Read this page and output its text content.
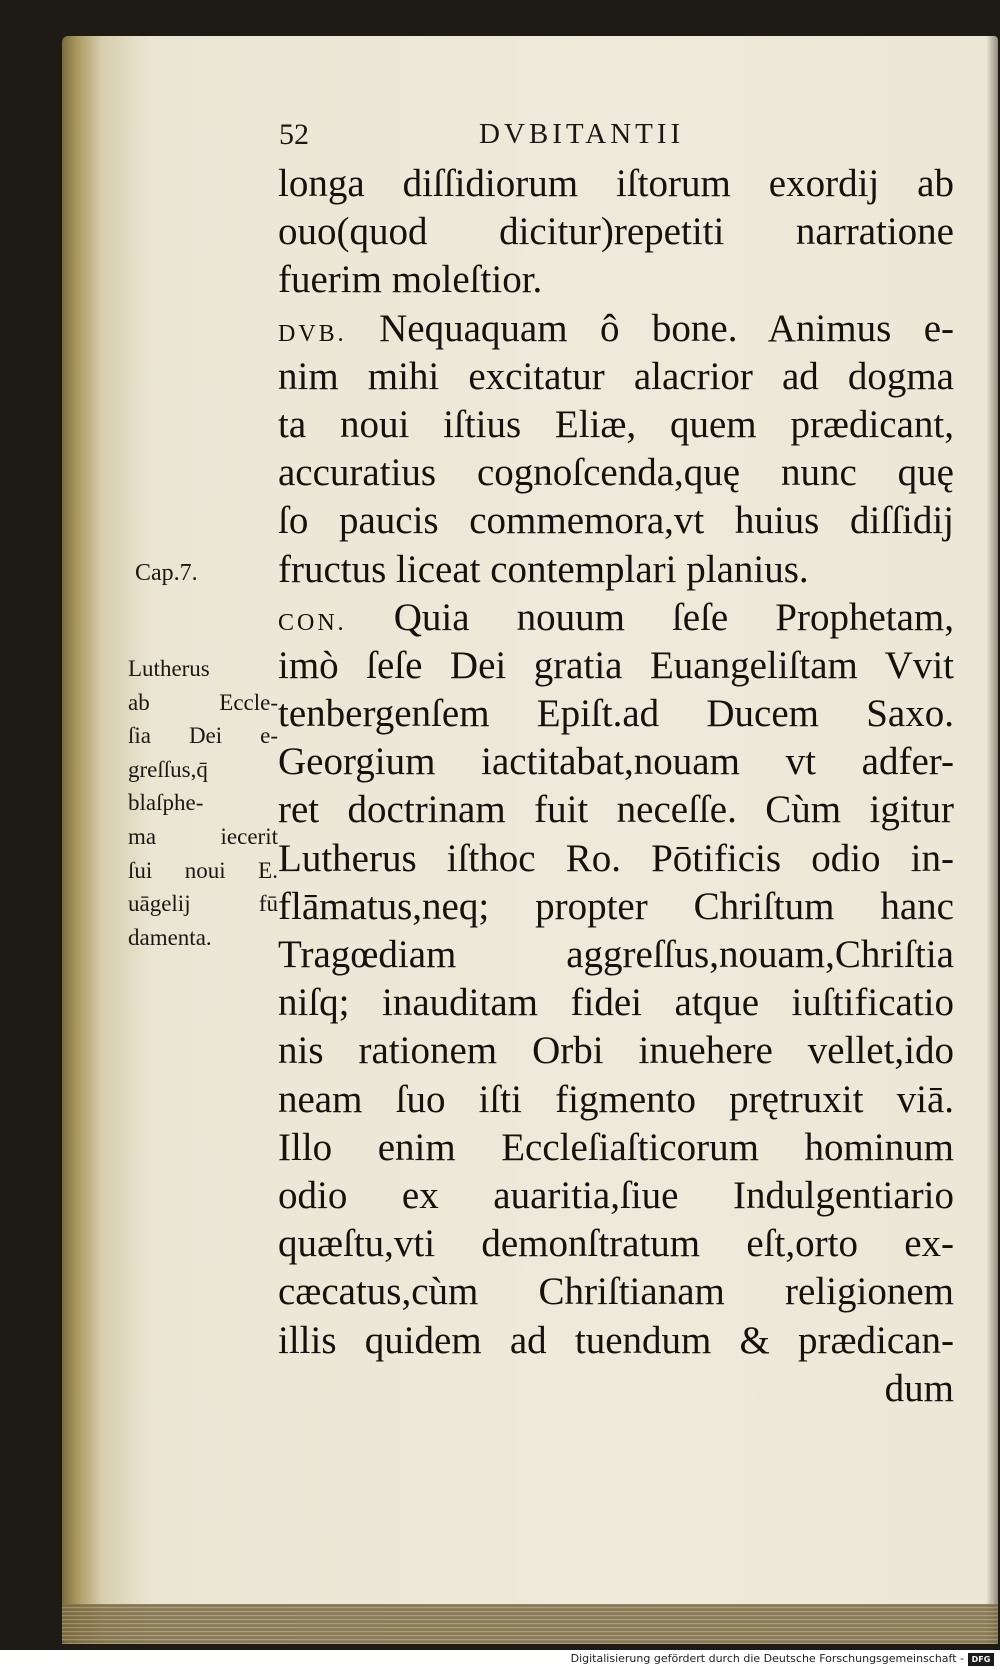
52	DVBITANTII
longa diſſidiorum iſtorum exordij ab
ouo(quod dicitur)repetiti narratione
fuerim moleſtior.
DVB. Nequaquam ô bone. Animus e-
nim mihi excitatur alacrior ad dogma
ta noui iſtius Eliæ, quem prædicant,
accuratius cognoſcenda,quę nunc quę
ſo paucis commemora,vt huius diſſidij
fructus liceat contemplari planius.
CON. Quia nouum ſeſe Prophetam,
imò ſeſe Dei gratia Euangeliſtam Vvit
tenbergenſem Epiſt.ad Ducem Saxo.
Georgium iactitabat,nouam vt adfer-
ret doctrinam fuit neceſſe. Cùm igitur
Lutherus iſthoc Ro. Pōtificis odio in-
flāmatus,neq; propter Chriſtum hanc
Tragœdiam aggreſſus,nouam,Chriſtia
niſq; inauditam fidei atque iuſtificatio
nis rationem Orbi inuehere vellet,ido
neam ſuo iſti figmento prętruxit viā.
Illo enim Eccleſiaſticorum hominum
odio ex auaritia,ſiue Indulgentiario
quæſtu,vti demonſtratum eſt,orto ex-
cæcatus,cùm Chriſtianam religionem
illis quidem ad tuendum & prædican-
dum
Cap.7.
Lutherus
ab Eccle-
ſia Dei e-
greſſus,q̄
blaſphe-
ma iecerit
ſui noui E.
uāgelij fū
damenta.
Digitalisierung gefördert durch die Deutsche Forschungsgemeinschaft - DFG
